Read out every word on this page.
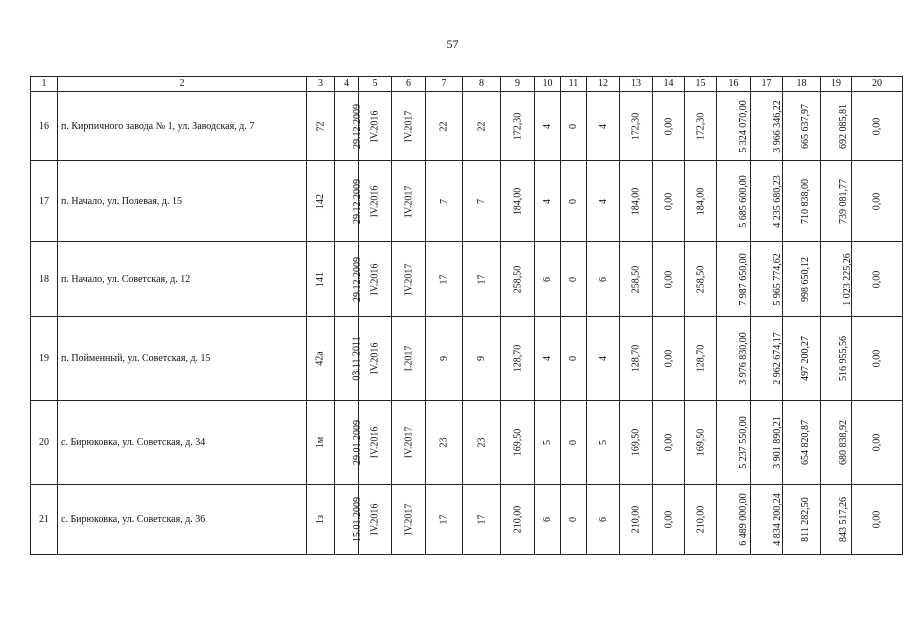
57
1	2	3	4	5	6	7	8	9	10	11	12	13	14	15	16	17	18	19	20
16	п. Кирпичного завода № 1, ул. Заводская, д. 7	72	29.12.2009	IV.2016	IV.2017	22	22	172,30	4	0	4	172,30	0,00	172,30	5 324 070,00	3 966 346,22	665 637,97	692 085,81	0,00
17	п. Начало, ул. Полевая, д. 15	142	29.12.2009	IV.2016	IV.2017	7	7	184,00	4	0	4	184,00	0,00	184,00	5 685 600,00	4 235 680,23	710 838,00	739 081,77	0,00
18	п. Начало, ул. Советская, д. 12	141	29.12.2009	IV.2016	IV.2017	17	17	258,50	6	0	6	258,50	0,00	258,50	7 987 650,00	5 965 774,62	998 650,12	1 023 225,26	0,00
19	п. Пойменный, ул. Советская, д. 15	42а	03.11.2011	IV.2016	I.2017	9	9	128,70	4	0	4	128,70	0,00	128,70	3 976 830,00	2 962 674,17	497 200,27	516 955,56	0,00
20	с. Бирюковка, ул. Советская, д. 34	1м	29.01.2009	IV.2016	IV.2017	23	23	169,50	5	0	5	169,50	0,00	169,50	5 237 550,00	3 901 890,21	654 820,87	680 838,92	0,00
21	с. Бирюковка, ул. Советская, д. 36	1з	15.01.2009	IV.2016	IV.2017	17	17	210,00	6	0	6	210,00	0,00	210,00	6 489 000,00	4 834 200,24	811 282,50	843 517,26	0,00
